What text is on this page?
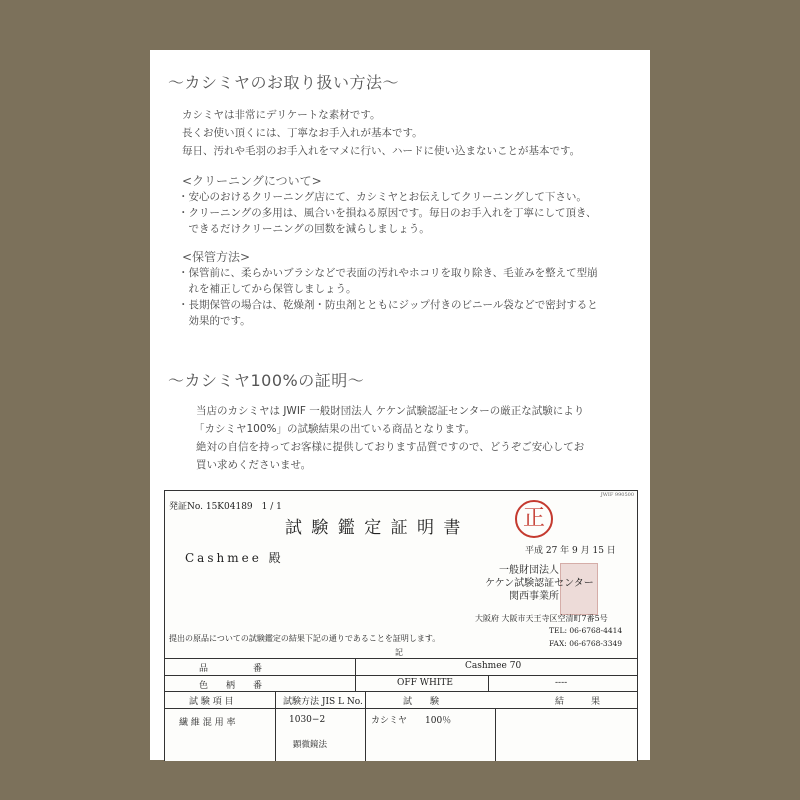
〜カシミヤのお取り扱い方法〜
カシミヤは非常にデリケートな素材です。
長くお使い頂くには、丁寧なお手入れが基本です。
毎日、汚れや毛羽のお手入れをマメに行い、ハードに使い込まないことが基本です。
<クリーニングについて>
・安心のおけるクリーニング店にて、カシミヤとお伝えしてクリーニングして下さい。
・クリーニングの多用は、風合いを損ねる原因です。毎日のお手入れを丁寧にして頂き、
　できるだけクリーニングの回数を減らしましょう。
<保管方法>
・保管前に、柔らかいブラシなどで表面の汚れやホコリを取り除き、毛並みを整えて型崩
　れを補正してから保管しましょう。
・長期保管の場合は、乾燥剤・防虫剤とともにジップ付きのビニール袋などで密封すると
　効果的です。
〜カシミヤ100%の証明〜
当店のカシミヤは JWIF 一般財団法人 ケケン試験認証センターの厳正な試験により
「カシミヤ100%」の試験結果の出ている商品となります。
絶対の自信を持ってお客様に提供しております品質ですので、どうぞご安心してお
買い求めくださいませ。
発証No. 15K04189　1 / 1
JWIF 990500
試 験 鑑 定 証 明 書	正
平成 27 年 9 月 15 日
Cashmee 殿
一般財団法人
ケケン試験認証センター
関西事業所
大阪府 大阪市天王寺区空清町7番5号
TEL: 06-6768-4414
FAX: 06-6768-3349
提出の原品についての試験鑑定の結果下記の通りであることを証明します。
記
品　　　　　番	Cashmee 70
色　　柄　　番	OFF WHITE	----
試 験 項 目	試験方法 JIS L No.	試　　験	結　　　果
繊 維 混 用 率	1030−2	カシミヤ　　100％
顕微鏡法
